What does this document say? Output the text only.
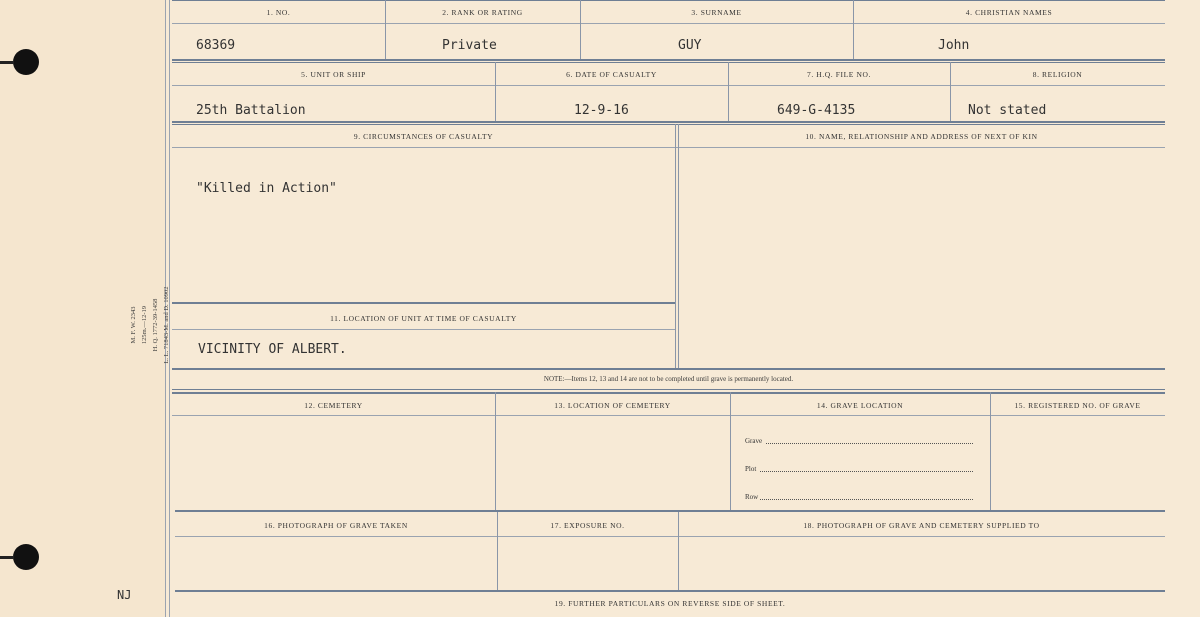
M. F. W. 2343 125m.—12-19 H. Q. 1772-39-1458 L. L. 71843-M. and D. 10902
NJ
1. NO.	2. RANK OR RATING	3. SURNAME	4. CHRISTIAN NAMES
68369	Private	GUY	John
5. UNIT OR SHIP	6. DATE OF CASUALTY	7. H.Q. FILE NO.	8. RELIGION
25th Battalion	12-9-16	649-G-4135	Not stated
9. CIRCUMSTANCES OF CASUALTY	10. NAME, RELATIONSHIP AND ADDRESS OF NEXT OF KIN
"Killed in Action"
11. LOCATION OF UNIT AT TIME OF CASUALTY
VICINITY OF ALBERT.
NOTE:—Items 12, 13 and 14 are not to be completed until grave is permanently located.
12. CEMETERY	13. LOCATION OF CEMETERY	14. GRAVE LOCATION	15. REGISTERED NO. OF GRAVE
Grave
Plot
Row
16. PHOTOGRAPH OF GRAVE TAKEN	17. EXPOSURE NO.	18. PHOTOGRAPH OF GRAVE AND CEMETERY SUPPLIED TO
19. FURTHER PARTICULARS ON REVERSE SIDE OF SHEET.
